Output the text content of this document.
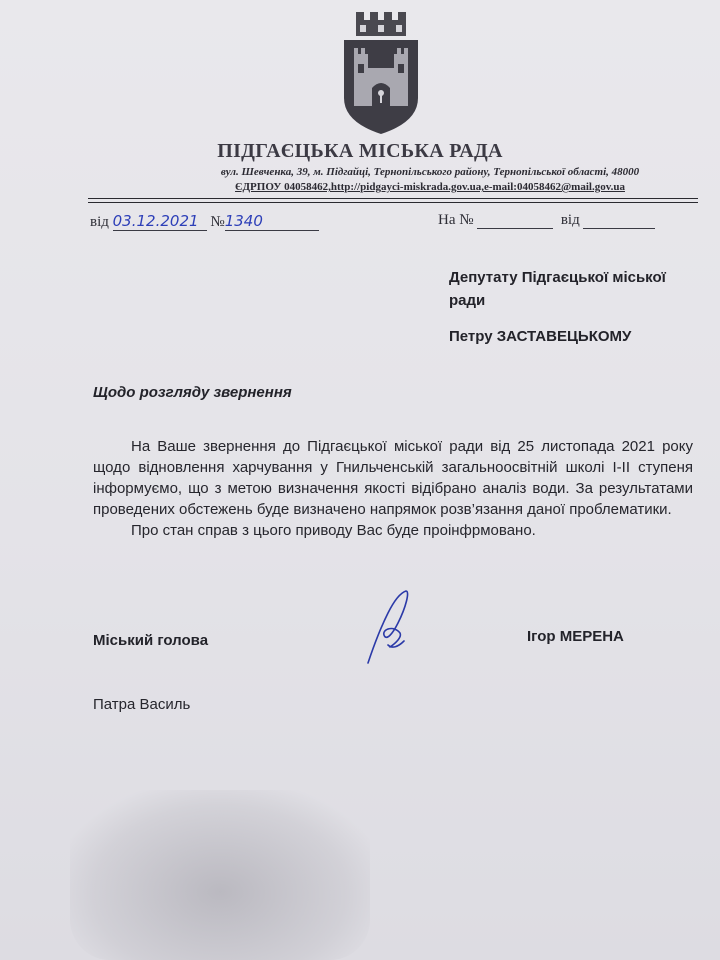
ПІДГАЄЦЬКА МІСЬКА РАДА
вул. Шевченка, 39, м. Підгайці, Тернопільського району, Тернопільської області, 48000
ЄДРПОУ 04058462,http://pidgayci-miskrada.gov.ua,e-mail:04058462@mail.gov.ua
від 03.12.2021 №1340	На №	від
Депутату Підгаєцької міської ради
Петру ЗАСТАВЕЦЬКОМУ
Щодо розгляду звернення

На Ваше звернення до Підгаєцької міської ради від 25 листопада 2021 року щодо відновлення харчування у Гнильченській загальноосвітній школі І-ІІ ступеня інформуємо, що з метою визначення якості відібрано аналіз води. За результатами проведених обстежень буде визначено напрямок розв’язання даної проблематики.

Про стан справ з цього приводу Вас буде проінфрмовано.

Міський голова	Ігор МЕРЕНА
Патра Василь
